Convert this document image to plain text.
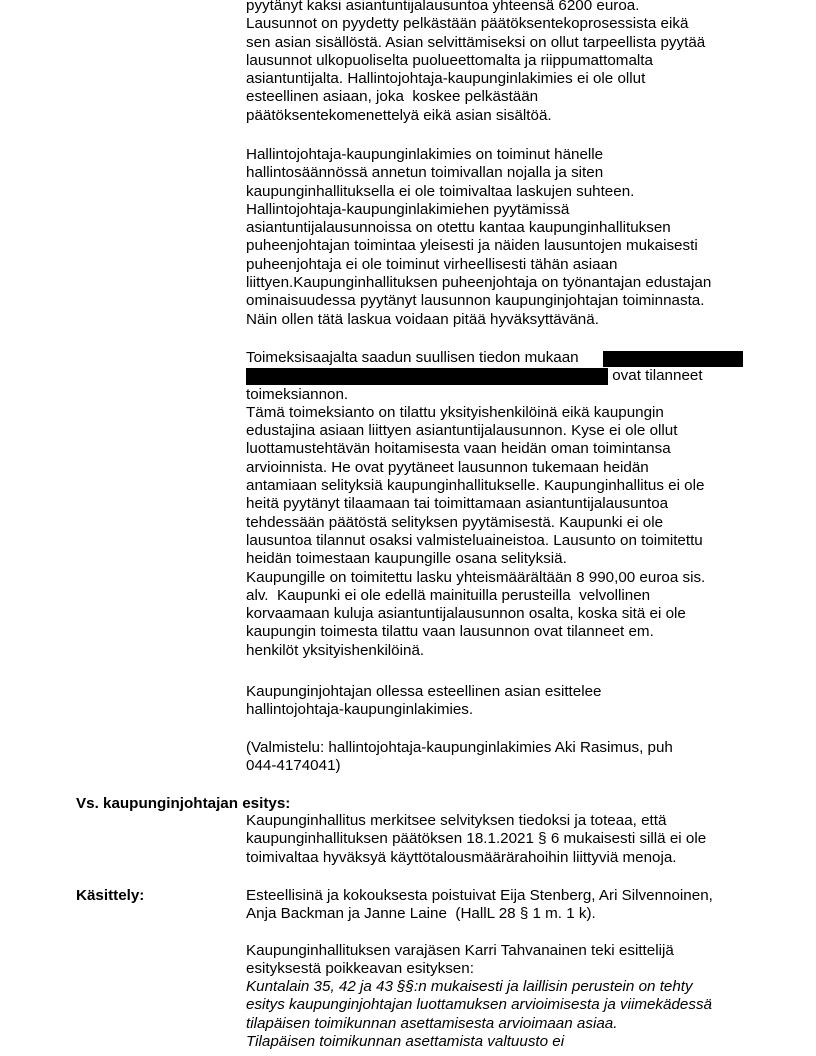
pyytänyt kaksi asiantuntijalausuntoa yhteensä 6200 euroa.
Lausunnot on pyydetty pelkästään päätöksentekoprosessista eikä
sen asian sisällöstä. Asian selvittämiseksi on ollut tarpeellista pyytää
lausunnot ulkopuoliselta puolueettomalta ja riippumattomalta
asiantuntijalta. Hallintojohtaja-kaupunginlakimies ei ole ollut
esteellinen asiaan, joka  koskee pelkästään
päätöksentekomenettelyä eikä asian sisältöä.
Hallintojohtaja-kaupunginlakimies on toiminut hänelle
hallintosäännössä annetun toimivallan nojalla ja siten
kaupunginhallituksella ei ole toimivaltaa laskujen suhteen.
Hallintojohtaja-kaupunginlakimiehen pyytämissä
asiantuntijalausunnoissa on otettu kantaa kaupunginhallituksen
puheenjohtajan toimintaa yleisesti ja näiden lausuntojen mukaisesti
puheenjohtaja ei ole toiminut virheellisesti tähän asiaan
liittyen.Kaupunginhallituksen puheenjohtaja on työnantajan edustajan
ominaisuudessa pyytänyt lausunnon kaupunginjohtajan toiminnasta.
Näin ollen tätä laskua voidaan pitää hyväksyttävänä.
Toimeksisaajalta saadun suullisen tiedon mukaan
ovat tilanneet
toimeksiannon.
Tämä toimeksianto on tilattu yksityishenkilöinä eikä kaupungin
edustajina asiaan liittyen asiantuntijalausunnon. Kyse ei ole ollut
luottamustehtävän hoitamisesta vaan heidän oman toimintansa
arvioinnista. He ovat pyytäneet lausunnon tukemaan heidän
antamiaan selityksiä kaupunginhallitukselle. Kaupunginhallitus ei ole
heitä pyytänyt tilaamaan tai toimittamaan asiantuntijalausuntoa
tehdessään päätöstä selityksen pyytämisestä. Kaupunki ei ole
lausuntoa tilannut osaksi valmisteluaineistoa. Lausunto on toimitettu
heidän toimestaan kaupungille osana selityksiä.
Kaupungille on toimitettu lasku yhteismäärältään 8 990,00 euroa sis.
alv.  Kaupunki ei ole edellä mainituilla perusteilla  velvollinen
korvaamaan kuluja asiantuntijalausunnon osalta, koska sitä ei ole
kaupungin toimesta tilattu vaan lausunnon ovat tilanneet em.
henkilöt yksityishenkilöinä.
Kaupunginjohtajan ollessa esteellinen asian esittelee
hallintojohtaja-kaupunginlakimies.
(Valmistelu: hallintojohtaja-kaupunginlakimies Aki Rasimus, puh
044-4174041)
Vs. kaupunginjohtajan esitys:
Kaupunginhallitus merkitsee selvityksen tiedoksi ja toteaa, että
kaupunginhallituksen päätöksen 18.1.2021 § 6 mukaisesti sillä ei ole
toimivaltaa hyväksyä käyttötalousmäärärahoihin liittyviä menoja.
Käsittely:	Esteellisinä ja kokouksesta poistuivat Eija Stenberg, Ari Silvennoinen,
Anja Backman ja Janne Laine  (HallL 28 § 1 m. 1 k).
Kaupunginhallituksen varajäsen Karri Tahvanainen teki esittelijä
esityksestä poikkeavan esityksen:
Kuntalain 35, 42 ja 43 §§:n mukaisesti ja laillisin perustein on tehty
esitys kaupunginjohtajan luottamuksen arvioimisesta ja viimekädessä
tilapäisen toimikunnan asettamisesta arvioimaan asiaa.
Tilapäisen toimikunnan asettamista valtuusto ei
